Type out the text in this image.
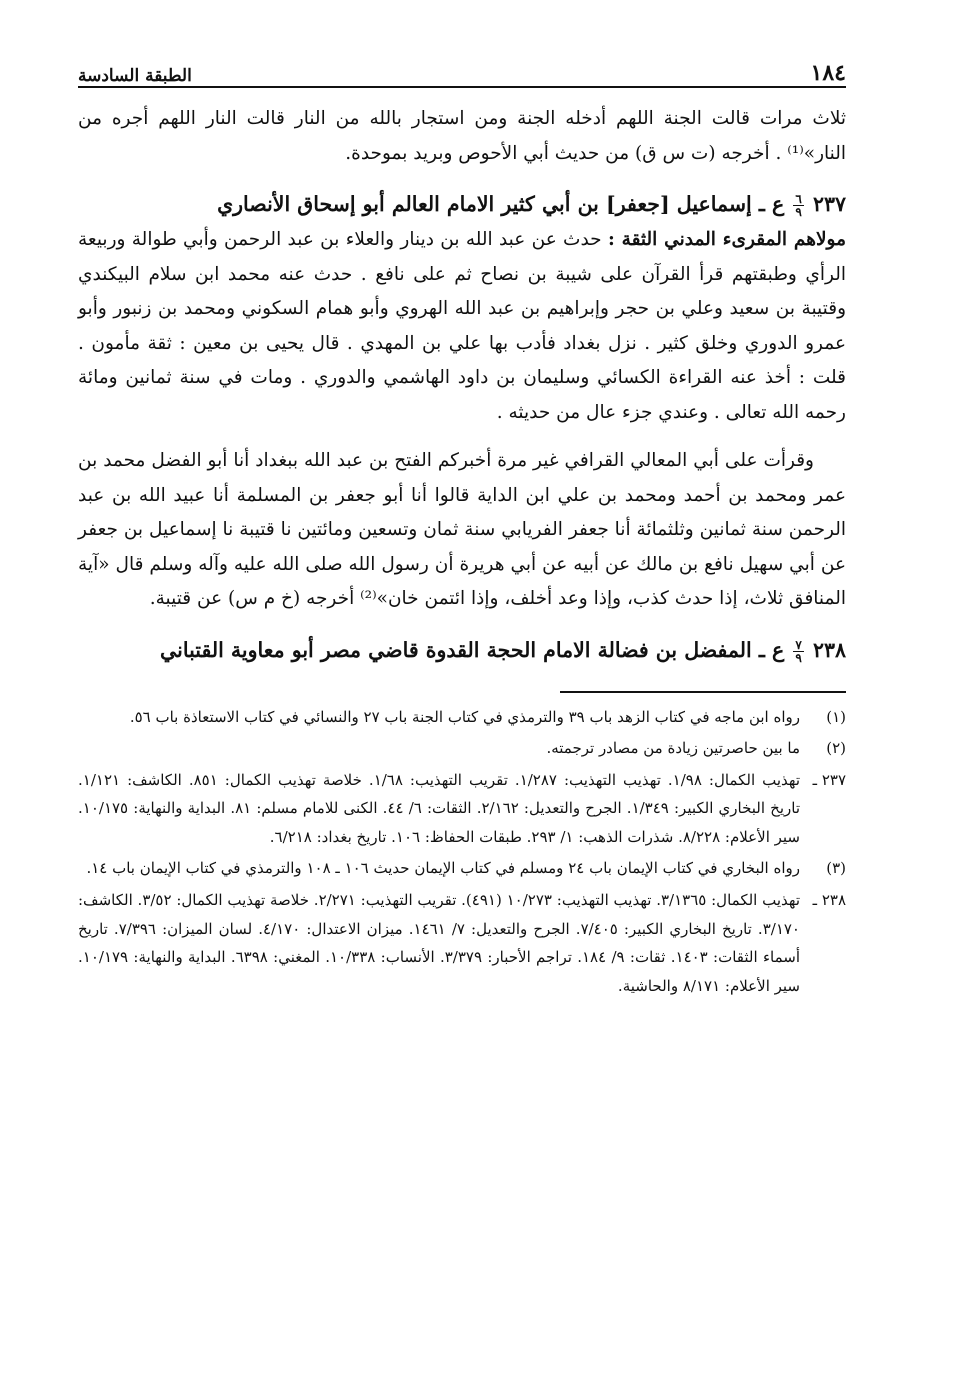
١٨٤
الطبقة السادسة

ثلاث مرات قالت الجنة اللهم أدخله الجنة ومن استجار بالله من النار قالت النار اللهم أجره من النار»⁽¹⁾ . أخرجه (ت س ق) من حديث أبي الأحوص وبريد بموحدة.

٢٣٧
$\frac{٦}{٩}$
ع ـ إسماعيل [جعفر] بن أبي كثير الامام العالم أبو إسحاق الأنصاري

مولاهم المقرىء المدني الثقة : حدث عن عبد الله بن دينار والعلاء بن عبد الرحمن وأبي طوالة وربيعة الرأي وطبقتهم قرأ القرآن على شيبة بن نصاح ثم على نافع . حدث عنه محمد ابن سلام البيكندي وقتيبة بن سعيد وعلي بن حجر وإبراهيم بن عبد الله الهروي وأبو همام السكوني ومحمد بن زنبور وأبو عمرو الدوري وخلق كثير . نزل بغداد فأدب بها علي بن المهدي . قال يحيى بن معين : ثقة مأمون . قلت : أخذ عنه القراءة الكسائي وسليمان بن داود الهاشمي والدوري . ومات في سنة ثمانين ومائة رحمه الله تعالى . وعندي جزء عال من حديثه .

وقرأت على أبي المعالي القرافي غير مرة أخبركم الفتح بن عبد الله ببغداد أنا أبو الفضل محمد بن عمر ومحمد بن أحمد ومحمد بن علي ابن الداية قالوا أنا أبو جعفر بن المسلمة أنا عبيد الله بن عبد الرحمن سنة ثمانين وثلثمائة أنا جعفر الفريابي سنة ثمان وتسعين ومائتين نا قتيبة نا إسماعيل بن جعفر عن أبي سهيل نافع بن مالك عن أبيه عن أبي هريرة أن رسول الله صلى الله عليه وآله وسلم قال «آية المنافق ثلاث، إذا حدث كذب، وإذا وعد أخلف، وإذا ائتمن خان»⁽²⁾ أخرجه (خ م س) عن قتيبة.

٢٣٨
$\frac{٧}{٩}$
ع ـ المفضل بن فضالة الامام الحجة القدوة قاضي مصر أبو معاوية القتباني
(١)
رواه ابن ماجه في كتاب الزهد باب ٣٩ والترمذي في كتاب الجنة باب ٢٧ والنسائي في كتاب الاستعاذة باب ٥٦.
(٢)
ما بين حاصرتين زيادة من مصادر ترجمته.
٢٣٧ ـ
تهذيب الكمال: ١/٩٨. تهذيب التهذيب: ١/٢٨٧. تقريب التهذيب: ١/٦٨. خلاصة تهذيب الكمال: ٨٥١. الكاشف: ١/١٢١. تاريخ البخاري الكبير: ١/٣٤٩. الجرح والتعديل: ٢/١٦٢. الثقات: ٦/ ٤٤. الكنى للامام مسلم: ٨١. البداية والنهاية: ١٠/١٧٥. سير الأعلام: ٨/٢٢٨. شذرات الذهب: ١/ ٢٩٣. طبقات الحفاظ: ١٠٦. تاريخ بغداد: ٦/٢١٨.
(٣)
رواه البخاري في كتاب الإيمان باب ٢٤ ومسلم في كتاب الإيمان حديث ١٠٦ ـ ١٠٨ والترمذي في كتاب الإيمان باب ١٤.
٢٣٨ ـ
تهذيب الكمال: ٣/١٣٦٥. تهذيب التهذيب: ١٠/٢٧٣ (٤٩١). تقريب التهذيب: ٢/٢٧١. خلاصة تهذيب الكمال: ٣/٥٢. الكاشف: ٣/١٧٠. تاريخ البخاري الكبير: ٧/٤٠٥. الجرح والتعديل: ٧/ ١٤٦١. ميزان الاعتدال: ٤/١٧٠. لسان الميزان: ٧/٣٩٦. تاريخ أسماء الثقات: ١٤٠٣. ثقات: ٩/ ١٨٤. تراجم الأحبار: ٣/٣٧٩. الأنساب: ١٠/٣٣٨. المغني: ٦٣٩٨. البداية والنهاية: ١٠/١٧٩. سير الأعلام: ٨/١٧١ والحاشية.
